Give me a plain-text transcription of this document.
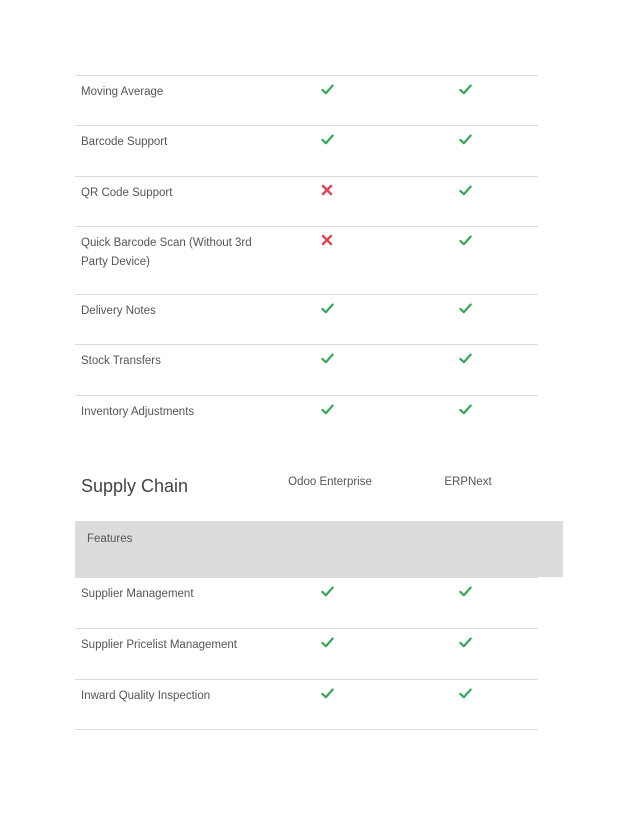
Moving Average
Barcode Support
QR Code Support
Quick Barcode Scan (Without 3rd Party Device)
Delivery Notes
Stock Transfers
Inventory Adjustments
Supply Chain	Odoo Enterprise	ERPNext
Features
Supplier Management
Supplier Pricelist Management
Inward Quality Inspection
